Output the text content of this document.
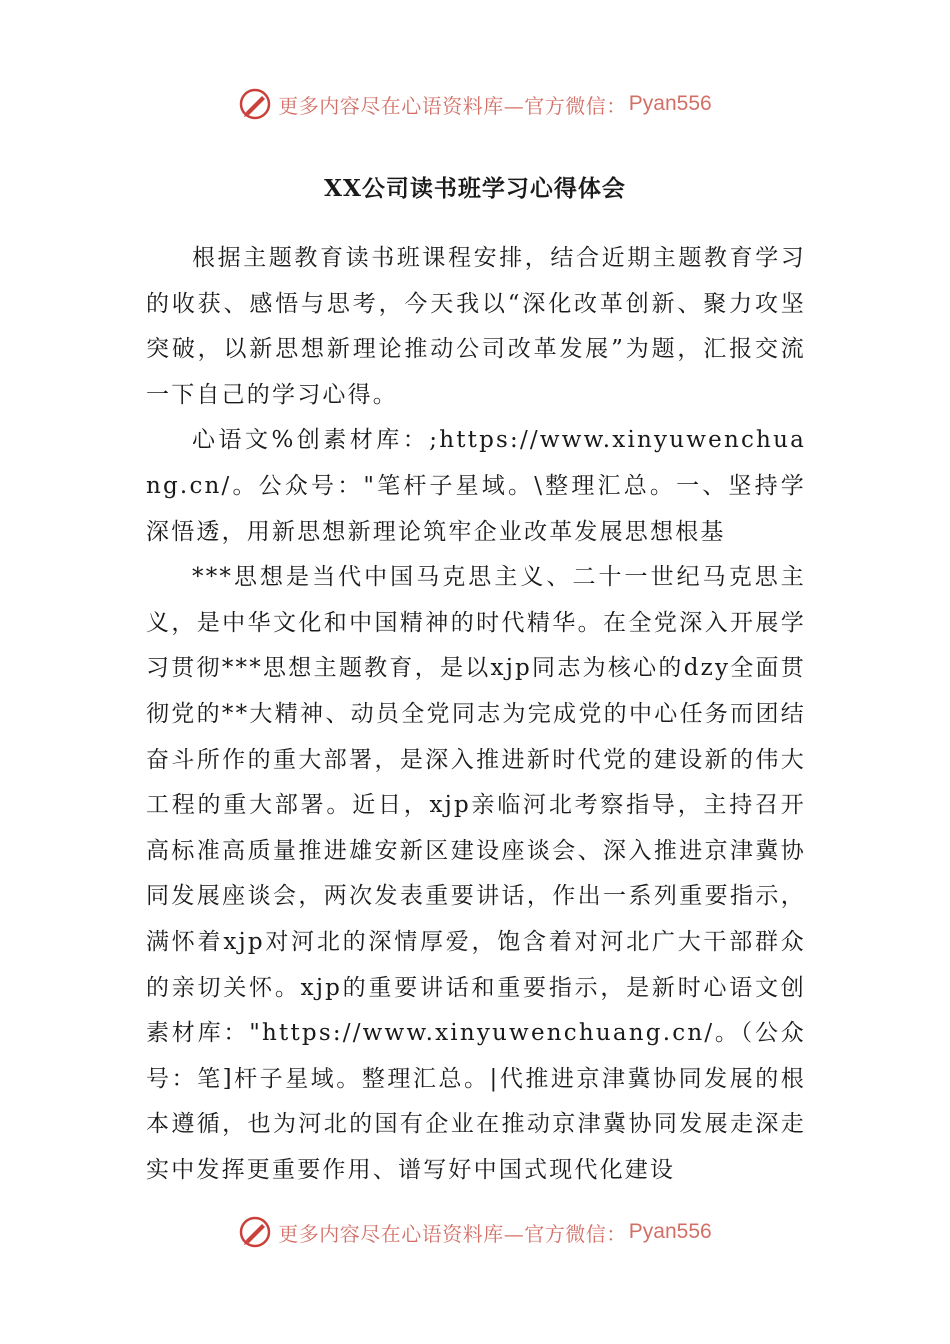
更多内容尽在心语资料库—官方微信： Pyan556
XX公司读书班学习心得体会

根据主题教育读书班课程安排，结合近期主题教育学习的收获、感悟与思考，今天我以“深化改革创新、聚力攻坚突破，以新思想新理论推动公司改革发展”为题，汇报交流一下自己的学习心得。

心语文%创素材库：;https://www.xinyuwenchuang.cn/。公众号："笔杆子星域。\整理汇总。一、坚持学深悟透，用新思想新理论筑牢企业改革发展思想根基

***思想是当代中国马克思主义、二十一世纪马克思主义，是中华文化和中国精神的时代精华。在全党深入开展学习贯彻***思想主题教育，是以xjp同志为核心的dzy全面贯彻党的**大精神、动员全党同志为完成党的中心任务而团结奋斗所作的重大部署，是深入推进新时代党的建设新的伟大工程的重大部署。近日，xjp亲临河北考察指导，主持召开高标准高质量推进雄安新区建设座谈会、深入推进京津冀协同发展座谈会，两次发表重要讲话，作出一系列重要指示，满怀着xjp对河北的深情厚爱，饱含着对河北广大干部群众的亲切关怀。xjp的重要讲话和重要指示，是新时心语文创素材库："https://www.xinyuwenchuang.cn/。（公众号：笔]杆子星域。整理汇总。|代推进京津冀协同发展的根本遵循，也为河北的国有企业在推动京津冀协同发展走深走实中发挥更重要作用、谱写好中国式现代化建设

更多内容尽在心语资料库—官方微信： Pyan556
